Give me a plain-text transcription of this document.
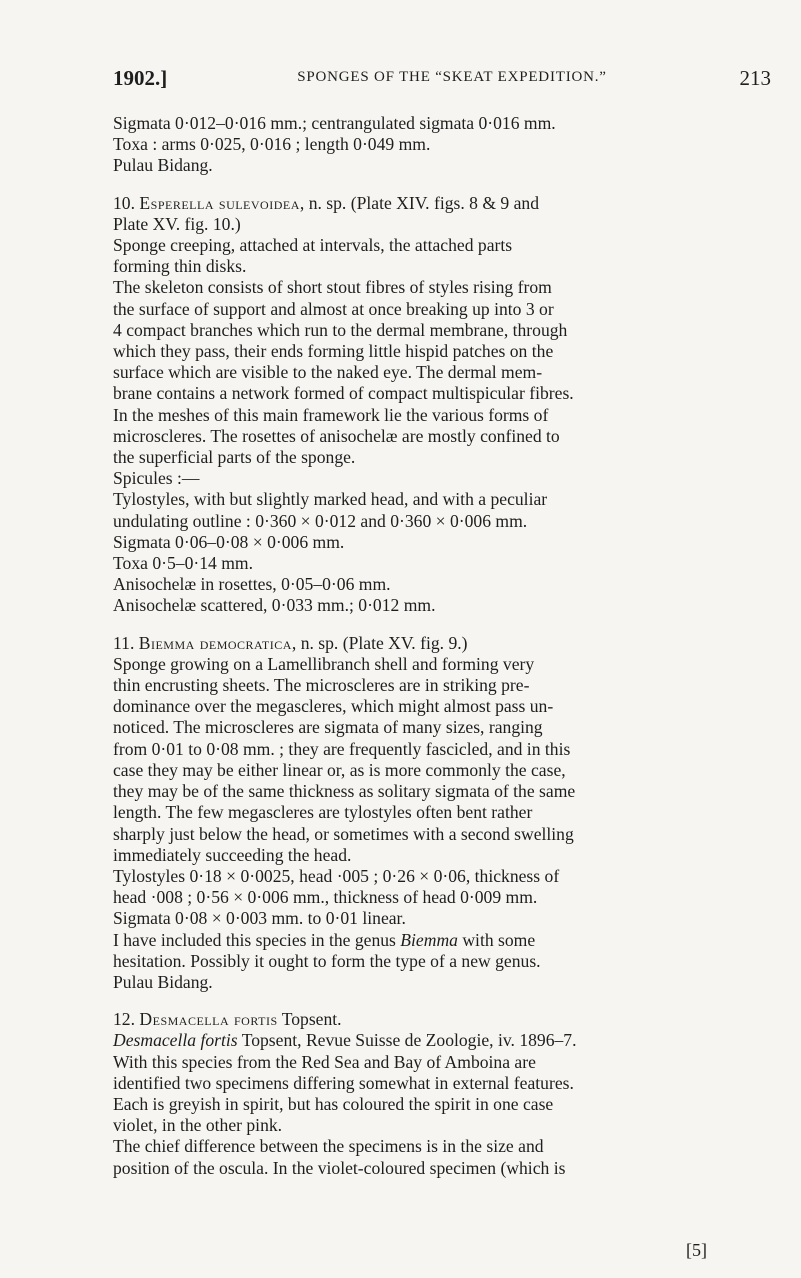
1902.]	SPONGES OF THE “SKEAT EXPEDITION.”	213

Sigmata 0·012–0·016 mm.; centrangulated sigmata 0·016 mm.

Toxa : arms 0·025, 0·016 ; length 0·049 mm.

Pulau Bidang.

10. Esperella sulevoidea, n. sp. (Plate XIV. figs. 8 & 9 and

Plate XV. fig. 10.)

Sponge creeping, attached at intervals, the attached parts

forming thin disks.

The skeleton consists of short stout fibres of styles rising from

the surface of support and almost at once breaking up into 3 or

4 compact branches which run to the dermal membrane, through

which they pass, their ends forming little hispid patches on the

surface which are visible to the naked eye. The dermal mem-

brane contains a network formed of compact multispicular fibres.

In the meshes of this main framework lie the various forms of

microscleres. The rosettes of anisochelæ are mostly confined to

the superficial parts of the sponge.

Spicules :—

Tylostyles, with but slightly marked head, and with a peculiar

undulating outline : 0·360 × 0·012 and 0·360 × 0·006 mm.

Sigmata 0·06–0·08 × 0·006 mm.

Toxa 0·5–0·14 mm.

Anisochelæ in rosettes, 0·05–0·06 mm.

Anisochelæ scattered, 0·033 mm.; 0·012 mm.

11. Biemma democratica, n. sp. (Plate XV. fig. 9.)

Sponge growing on a Lamellibranch shell and forming very

thin encrusting sheets. The microscleres are in striking pre-

dominance over the megascleres, which might almost pass un-

noticed. The microscleres are sigmata of many sizes, ranging

from 0·01 to 0·08 mm. ; they are frequently fascicled, and in this

case they may be either linear or, as is more commonly the case,

they may be of the same thickness as solitary sigmata of the same

length. The few megascleres are tylostyles often bent rather

sharply just below the head, or sometimes with a second swelling

immediately succeeding the head.

Tylostyles 0·18 × 0·0025, head ·005 ; 0·26 × 0·06, thickness of

head ·008 ; 0·56 × 0·006 mm., thickness of head 0·009 mm.

Sigmata 0·08 × 0·003 mm. to 0·01 linear.

I have included this species in the genus Biemma with some

hesitation. Possibly it ought to form the type of a new genus.

Pulau Bidang.

12. Desmacella fortis Topsent.

Desmacella fortis Topsent, Revue Suisse de Zoologie, iv. 1896–7.

With this species from the Red Sea and Bay of Amboina are

identified two specimens differing somewhat in external features.

Each is greyish in spirit, but has coloured the spirit in one case

violet, in the other pink.

The chief difference between the specimens is in the size and

position of the oscula. In the violet-coloured specimen (which is

[5]
